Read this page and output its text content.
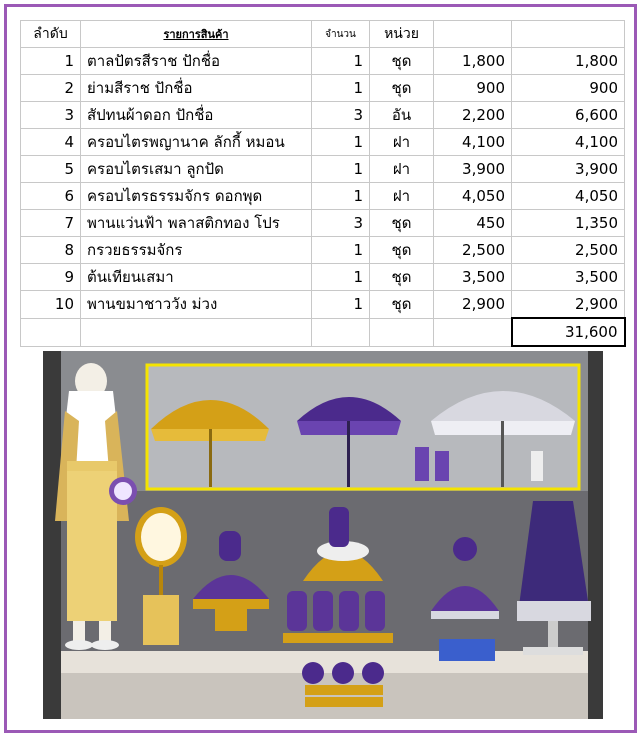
ลำดับ	รายการสินค้า	จำนวน	หน่วย		
1	ตาลปัตรสีราช ปักชื่อ	1	ชุด	1,800	1,800
2	ย่ามสีราช ปักชื่อ	1	ชุด	900	900
3	สัปทนผ้าดอก ปักชื่อ	3	อัน	2,200	6,600
4	ครอบไตรพญานาค ลักกี้ หมอน	1	ฝา	4,100	4,100
5	ครอบไตรเสมา ลูกปัด	1	ฝา	3,900	3,900
6	ครอบไตรธรรมจักร ดอกพุด	1	ฝา	4,050	4,050
7	พานแว่นฟ้า พลาสติกทอง โปร	3	ชุด	450	1,350
8	กรวยธรรมจักร	1	ชุด	2,500	2,500
9	ต้นเทียนเสมา	1	ชุด	3,500	3,500
10	พานขมาชาววัง ม่วง	1	ชุด	2,900	2,900
					31,600
